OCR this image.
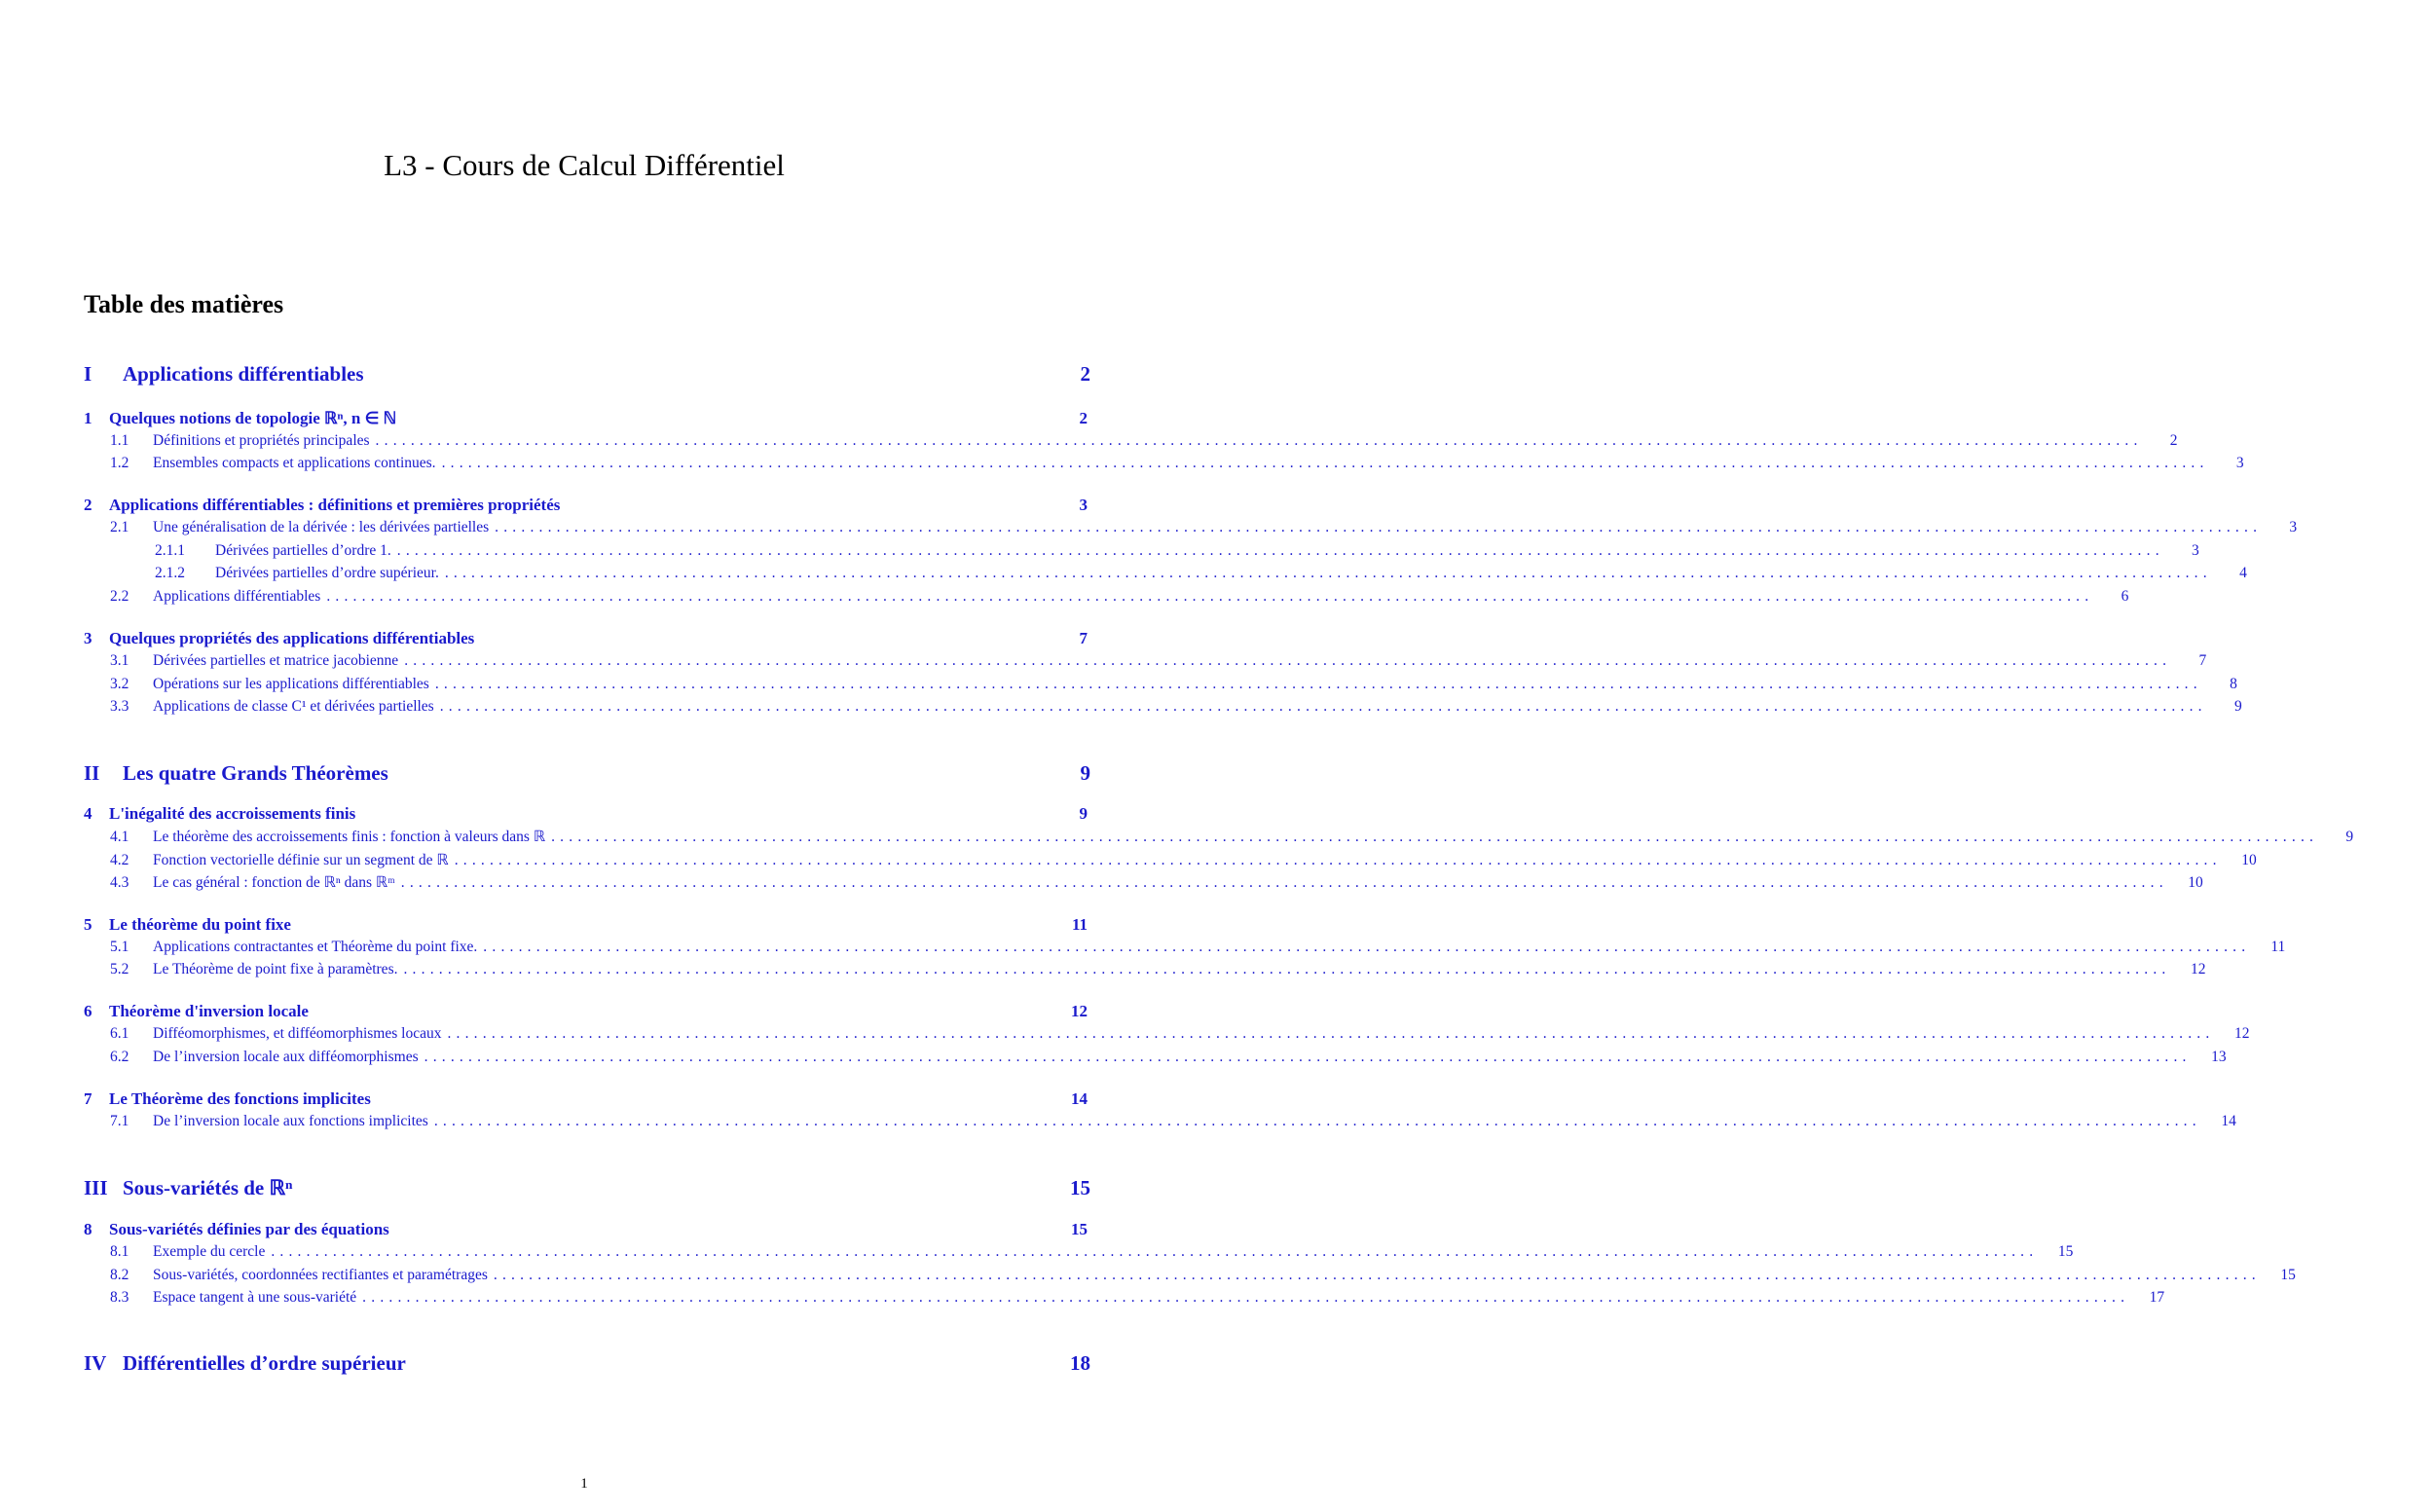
L3 - Cours de Calcul Différentiel
Table des matières
I	Applications différentiables	2
1	Quelques notions de topologie ℝⁿ, n ∈ ℕ	2
1.1	Définitions et propriétés principales ........................................................................................................................................................................................................	2
1.2	Ensembles compacts et applications continues. ........................................................................................................................................................................................................	3
2	Applications différentiables : définitions et premières propriétés	3
2.1	Une généralisation de la dérivée : les dérivées partielles ........................................................................................................................................................................................................	3
2.1.1	Dérivées partielles d’ordre 1. ........................................................................................................................................................................................................	3
2.1.2	Dérivées partielles d’ordre supérieur. ........................................................................................................................................................................................................	4
2.2	Applications différentiables ........................................................................................................................................................................................................	6
3	Quelques propriétés des applications différentiables	7
3.1	Dérivées partielles et matrice jacobienne ........................................................................................................................................................................................................	7
3.2	Opérations sur les applications différentiables ........................................................................................................................................................................................................	8
3.3	Applications de classe C¹ et dérivées partielles ........................................................................................................................................................................................................	9
II	Les quatre Grands Théorèmes	9
4	L'inégalité des accroissements finis	9
4.1	Le théorème des accroissements finis : fonction à valeurs dans ℝ ........................................................................................................................................................................................................	9
4.2	Fonction vectorielle définie sur un segment de ℝ ........................................................................................................................................................................................................	10
4.3	Le cas général : fonction de ℝⁿ dans ℝᵐ ........................................................................................................................................................................................................	10
5	Le théorème du point fixe	11
5.1	Applications contractantes et Théorème du point fixe. ........................................................................................................................................................................................................	11
5.2	Le Théorème de point fixe à paramètres. ........................................................................................................................................................................................................	12
6	Théorème d'inversion locale	12
6.1	Difféomorphismes, et difféomorphismes locaux ........................................................................................................................................................................................................	12
6.2	De l’inversion locale aux difféomorphismes ........................................................................................................................................................................................................	13
7	Le Théorème des fonctions implicites	14
7.1	De l’inversion locale aux fonctions implicites ........................................................................................................................................................................................................	14
III Sous-variétés de ℝⁿ	15
8	Sous-variétés définies par des équations	15
8.1	Exemple du cercle ........................................................................................................................................................................................................	15
8.2	Sous-variétés, coordonnées rectifiantes et paramétrages ........................................................................................................................................................................................................	15
8.3	Espace tangent à une sous-variété ........................................................................................................................................................................................................	17
IV Différentielles d’ordre supérieur	18
1
